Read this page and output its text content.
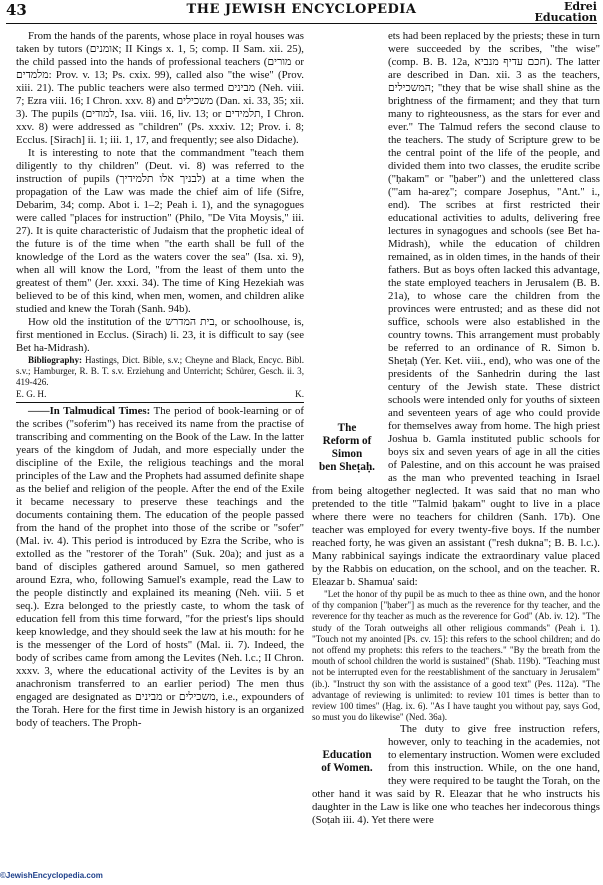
43	THE JEWISH ENCYCLOPEDIA	Edrei
Education

From the hands of the parents, whose place in royal houses was taken by tutors (אומנים; II Kings x. 1, 5; comp. II Sam. xii. 25), the child passed into the hands of professional teachers (מורים or מלמדים: Prov. v. 13; Ps. cxix. 99), called also "the wise" (Prov. xiii. 21). The public teachers were also termed מבינים (Neh. viii. 7; Ezra viii. 16; I Chron. xxv. 8) and משכילים (Dan. xi. 33, 35; xii. 3). The pupils (למודים, Isa. viii. 16, liv. 13; or תלמידים, I Chron. xxv. 8) were addressed as "children" (Ps. xxxiv. 12; Prov. i. 8; Ecclus. [Sirach] ii. 1; iii. 1, 17, and frequently; see also Didache).

It is interesting to note that the commandment "teach them diligently to thy children" (Deut. vi. 8) was referred to the instruction of pupils (לבניך אלו תלמידיך) at a time when the propagation of the Law was made the chief aim of life (Sifre, Debarim, 34; comp. Abot i. 1–2; Peah i. 1), and the synagogues were called "places for instruction" (Philo, "De Vita Moysis," iii. 27). It is quite characteristic of Judaism that the prophetic ideal of the future is of the time when "the earth shall be full of the knowledge of the Lord as the waters cover the sea" (Isa. xi. 9), when all will know the Lord, "from the least of them unto the greatest of them" (Jer. xxxi. 34). The time of King Hezekiah was believed to be of this kind, when men, women, and children alike studied and knew the Torah (Sanh. 94b).

How old the institution of the בית המדרש, or schoolhouse, is, first mentioned in Ecclus. (Sirach) li. 23, it is difficult to say (see Bet ha-Midrash).

Bibliography: Hastings, Dict. Bible, s.v.; Cheyne and Black, Encyc. Bibl. s.v.; Hamburger, R. B. T. s.v. Erziehung and Unterricht; Schürer, Gesch. ii. 3, 419-426.

E. G. H.	K.

——In Talmudical Times: The period of book-learning or of the scribes ("soferim") has received its name from the practise of transcribing and commenting on the Book of the Law. In the latter years of the kingdom of Judah, and more especially under the discipline of the Exile, the religious teachings and the moral principles of the Law and the Prophets had assumed definite shape as the belief and religion of the people. After the end of the Exile it became necessary to preserve these teachings and the documents containing them. The education of the people passed from the hand of the prophet into those of the scribe or "sofer" (Mal. iv. 4). This period is introduced by Ezra the Scribe, who is extolled as the "restorer of the Torah" (Suk. 20a); and just as a band of disciples gathered around Samuel, so men gathered around Ezra, who, following Samuel's example, read the Law to the people distinctly and explained its meaning (Neh. viii. 5 et seq.). Ezra belonged to the priestly caste, to whom the task of education fell from this time forward, "for the priest's lips should keep knowledge, and they should seek the law at his mouth: for he is the messenger of the Lord of hosts" (Mal. ii. 7). Indeed, the body of scribes came from among the Levites (Neh. l.c.; II Chron. xxxv. 3, where the educational activity of the Levites is by an anachronism transferred to an earlier period) The men thus engaged are designated as מבינים or משכילים, i.e., expounders of the Torah. Here for the first time in Jewish history is an organized body of teachers. The Proph-

The
Reform of
Simon
ben Sheṭaḥ.

ets had been replaced by the priests; these in turn were succeeded by the scribes, "the wise" (comp. B. B. 12a, חכם עדיף מנביא). The latter are described in Dan. xii. 3 as the teachers, המשכילים; "they that be wise shall shine as the brightness of the firmament; and they that turn many to righteousness, as the stars for ever and ever." The Talmud refers the second clause to the teachers. The study of Scripture grew to be the central point of the life of the people, and divided them into two classes, the erudite scribe ("ḥakam" or "ḥaber") and the unlettered class ("'am ha-areẓ"; compare Josephus, "Ant." i., end). The scribes at first restricted their educational activities to adults, delivering free lectures in synagogues and schools (see Bet ha-Midrash), while the education of children remained, as in olden times, in the hands of their fathers. But as boys often lacked this advantage, the state employed teachers in Jerusalem (B. B. 21a), to whose care the children from the provinces were entrusted; and as these did not suffice, schools were also established in the country towns. This arrangement must probably be referred to an ordinance of R. Simon b. Sheṭaḥ (Yer. Ket. viii., end), who was one of the presidents of the Sanhedrin during the last century of the Jewish state. These district schools were intended only for youths of sixteen and seventeen years of age who could provide for themselves away from home. The high priest Joshua b. Gamla instituted public schools for boys six and seven years of age in all the cities of Palestine, and on this account he was praised as the man who prevented teaching in Israel from being altogether neglected. It was said that no man who pretended to the title "Talmid ḥakam" ought to live in a place where there were no teachers for children (Sanh. 17b). One teacher was employed for every twenty-five boys. If the number reached forty, he was given an assistant ("resh dukna"; B. B. l.c.). Many rabbinical sayings indicate the extraordinary value placed by the Rabbis on education, on the school, and on the teacher. R. Eleazar b. Shamua' said:

"Let the honor of thy pupil be as much to thee as thine own, and the honor of thy companion ["ḥaber"] as much as the reverence for thy teacher, and the reverence for thy teacher as much as the reverence for God" (Ab. iv. 12). "The study of the Torah outweighs all other religious commands" (Peah i. 1). "Touch not my anointed [Ps. cv. 15]: this refers to the school children; and do not offend my prophets: this refers to the teachers." "By the breath from the mouth of school children the world is sustained" (Shab. 119b). "Teaching must not be interrupted even for the reestablishment of the sanctuary in Jerusalem" (ib.). "Instruct thy son with the assistance of a good text" (Pes. 112a). "The advantage of reviewing is unlimited: to review 101 times is better than to review 100 times" (Ḥag. ix. 6). "As I have taught you without pay, says God, so must you do likewise" (Ned. 36a).

Education
of Women.

The duty to give free instruction refers, however, only to teaching in the academies, not to elementary instruction. Women were excluded from this instruction. While, on the one hand, they were required to be taught the Torah, on the other hand it was said by R. Eleazar that he who instructs his daughter in the Law is like one who teaches her indecorous things (Soṭah iii. 4). Yet there were

©JewishEncyclopedia.com
